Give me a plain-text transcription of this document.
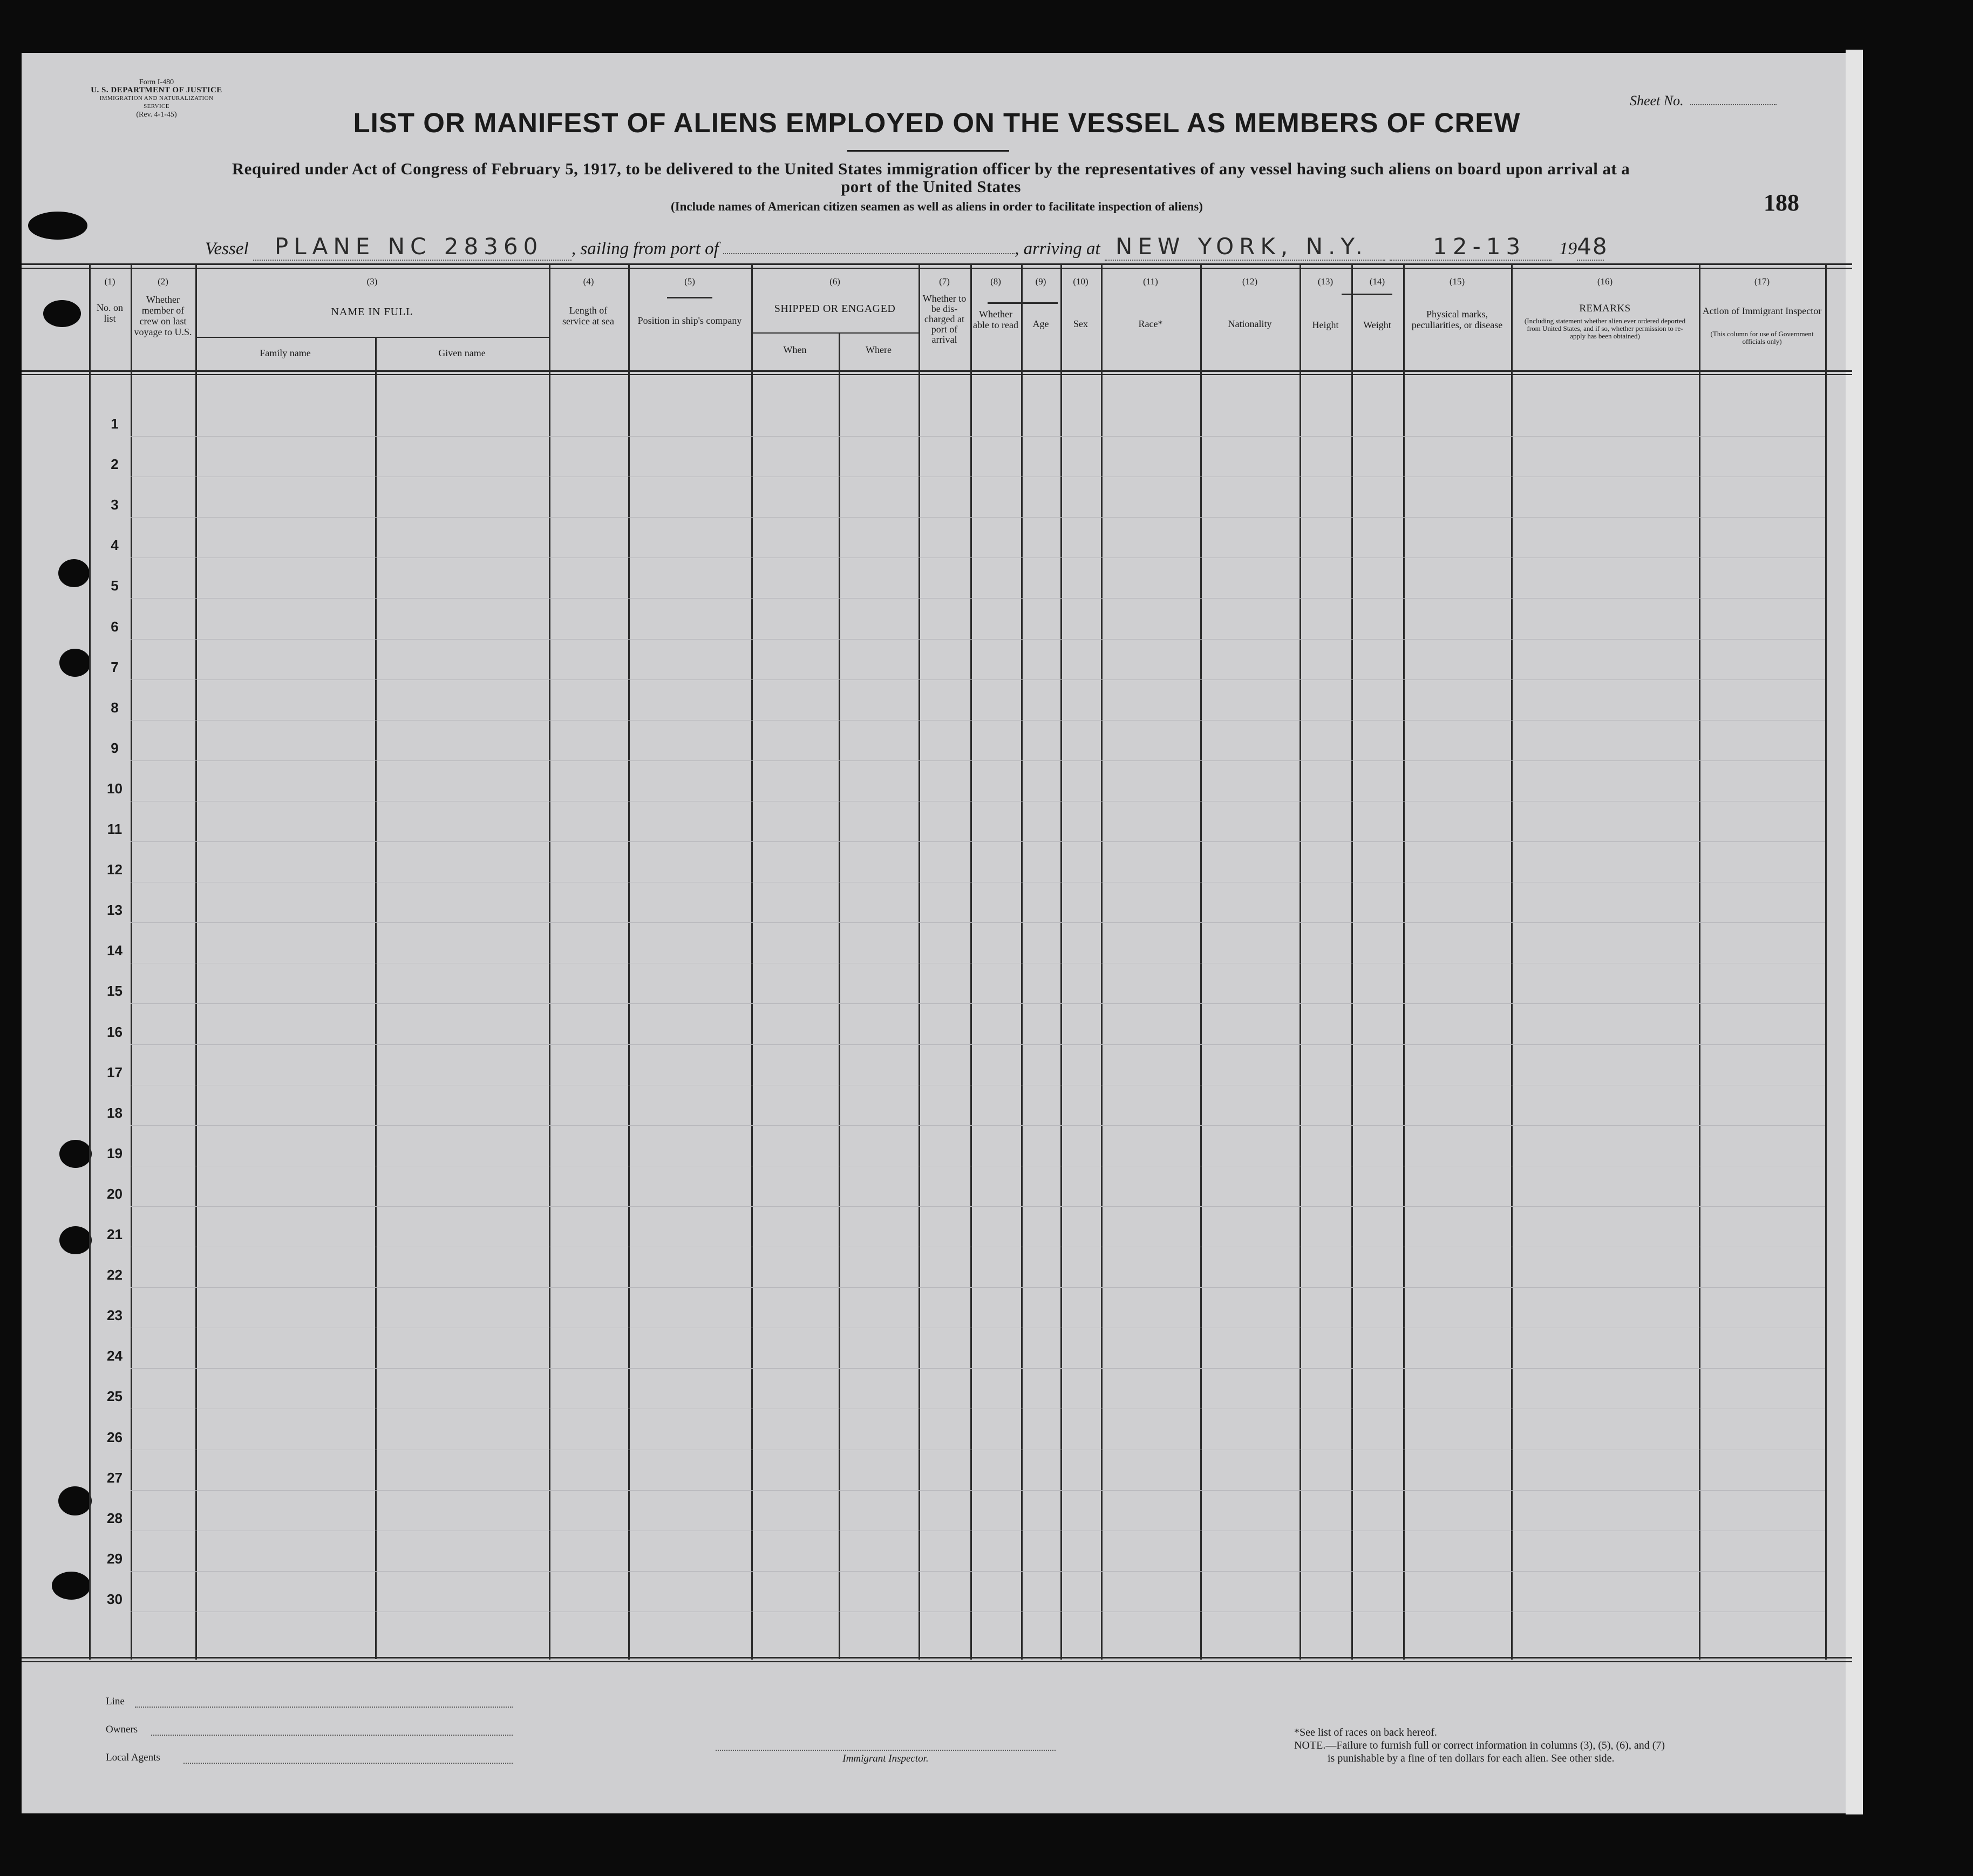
Form I-480
U. S. DEPARTMENT OF JUSTICE
IMMIGRATION AND NATURALIZATION SERVICE
(Rev. 4-1-45)
Sheet No.
LIST OR MANIFEST OF ALIENS EMPLOYED ON THE VESSEL AS MEMBERS OF CREW
Required under Act of Congress of February 5, 1917, to be delivered to the United States immigration officer by the representatives of any vessel having such aliens on board upon arrival at a
port of the United States
(Include names of American citizen seamen as well as aliens in order to facilitate inspection of aliens)	188
Vessel PLANE NC 28360 , sailing from port of	, arriving at NEW YORK, N.Y.	12-13 1948
(1)
No. on list
(2)
Whether member of crew on last voyage to U.S.
(3)
NAME IN FULL
Family name	Given name
(4)
Length of service at sea
(5)
Position in ship's company
(6)
SHIPPED OR ENGAGED
When	Where
(7)
Whether to be dis-charged at port of arrival
(8)
Whether able to read
(9)
Age
(10)
Sex
(11)
Race*
(12)
Nationality
(13)
Height
(14)
Weight
(15)
Physical marks, peculiarities, or disease
(16)
REMARKS
(Including statement whether alien ever ordered deported from United States, and if so, whether permission to re-apply has been obtained)
(17)
Action of Immigrant Inspector
(This column for use of Government officials only)
1
2
3
4
5
6
7
8
9
10
11
12
13
14
15
16
17
18
19
20
21
22
23
24
25
26
27
28
29
30
Line
Owners
Local Agents	Immigrant Inspector.
*See list of races on back hereof.
NOTE.—Failure to furnish full or correct information in columns (3), (5), (6), and (7)
is punishable by a fine of ten dollars for each alien. See other side.
